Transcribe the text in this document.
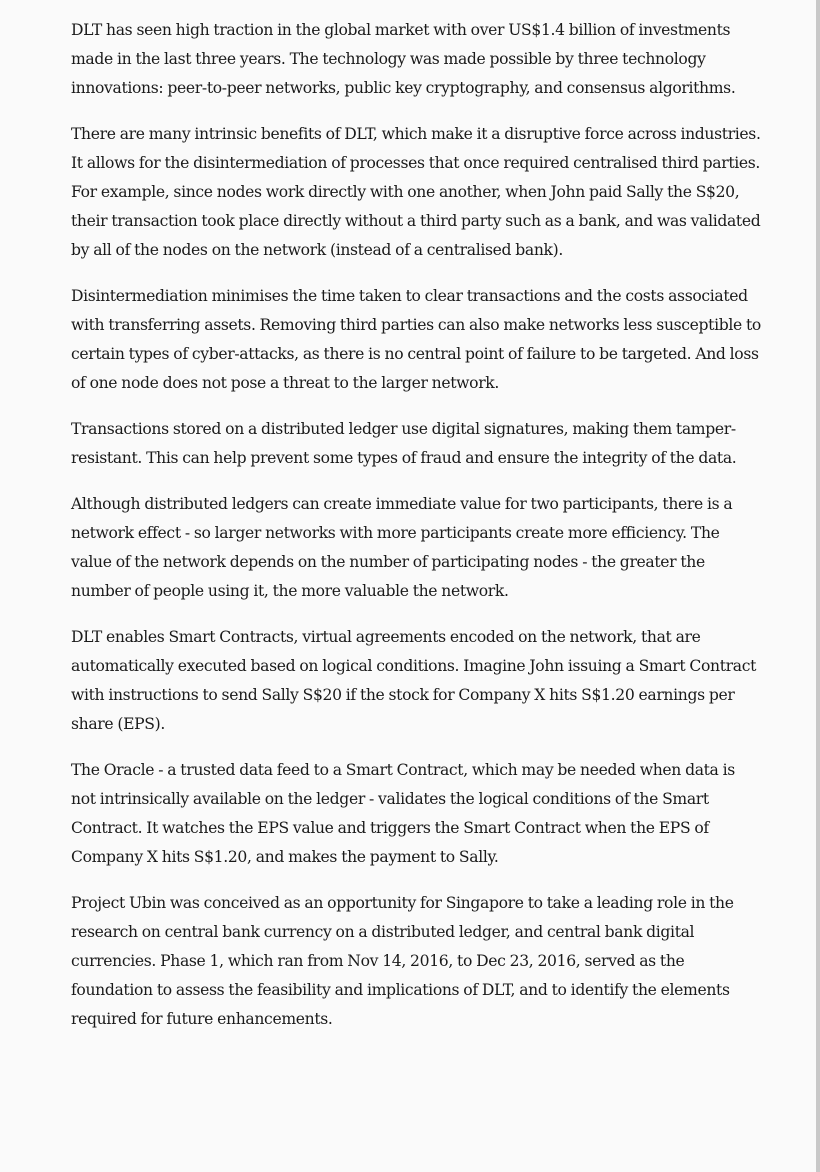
DLT has seen high traction in the global market with over US$1.4 billion of investments made in the last three years. The technology was made possible by three technology innovations: peer-to-peer networks, public key cryptography, and consensus algorithms.

There are many intrinsic benefits of DLT, which make it a disruptive force across industries. It allows for the disintermediation of processes that once required centralised third parties. For example, since nodes work directly with one another, when John paid Sally the S$20, their transaction took place directly without a third party such as a bank, and was validated by all of the nodes on the network (instead of a centralised bank).

Disintermediation minimises the time taken to clear transactions and the costs associated with transferring assets. Removing third parties can also make networks less susceptible to certain types of cyber-attacks, as there is no central point of failure to be targeted. And loss of one node does not pose a threat to the larger network.

Transactions stored on a distributed ledger use digital signatures, making them tamper-resistant. This can help prevent some types of fraud and ensure the integrity of the data.

Although distributed ledgers can create immediate value for two participants, there is a network effect - so larger networks with more participants create more efficiency. The value of the network depends on the number of participating nodes - the greater the number of people using it, the more valuable the network.

DLT enables Smart Contracts, virtual agreements encoded on the network, that are automatically executed based on logical conditions. Imagine John issuing a Smart Contract with instructions to send Sally S$20 if the stock for Company X hits S$1.20 earnings per share (EPS).

The Oracle - a trusted data feed to a Smart Contract, which may be needed when data is not intrinsically available on the ledger - validates the logical conditions of the Smart Contract. It watches the EPS value and triggers the Smart Contract when the EPS of Company X hits S$1.20, and makes the payment to Sally.

Project Ubin was conceived as an opportunity for Singapore to take a leading role in the research on central bank currency on a distributed ledger, and central bank digital currencies. Phase 1, which ran from Nov 14, 2016, to Dec 23, 2016, served as the foundation to assess the feasibility and implications of DLT, and to identify the elements required for future enhancements.
